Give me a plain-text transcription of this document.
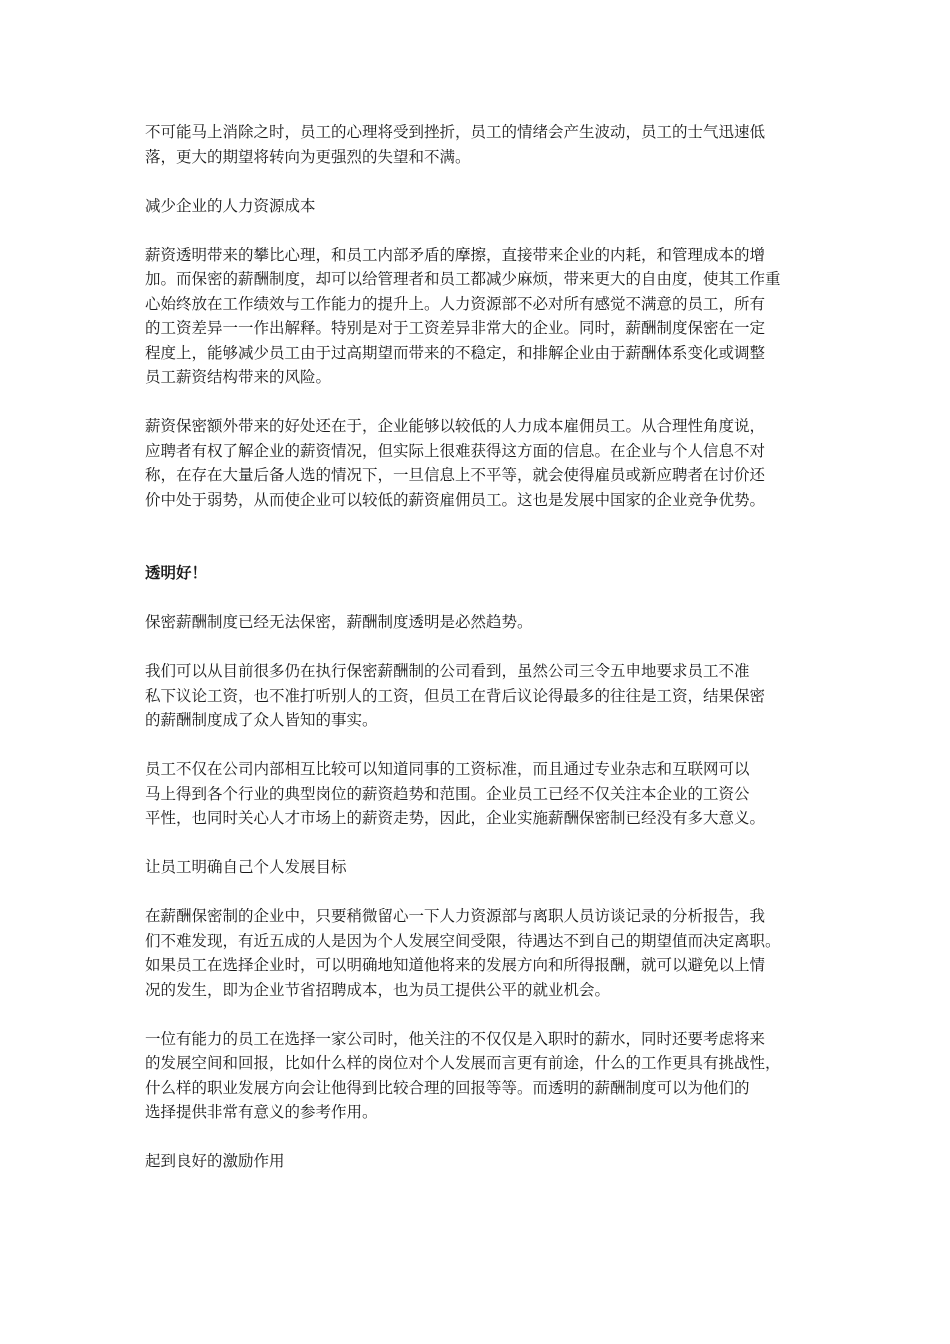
不可能马上消除之时，员工的心理将受到挫折，员工的情绪会产生波动，员工的士气迅速低
落，更大的期望将转向为更强烈的失望和不满。
减少企业的人力资源成本
薪资透明带来的攀比心理，和员工内部矛盾的摩擦，直接带来企业的内耗，和管理成本的增
加。而保密的薪酬制度，却可以给管理者和员工都减少麻烦，带来更大的自由度，使其工作重
心始终放在工作绩效与工作能力的提升上。人力资源部不必对所有感觉不满意的员工，所有
的工资差异一一作出解释。特别是对于工资差异非常大的企业。同时，薪酬制度保密在一定
程度上，能够减少员工由于过高期望而带来的不稳定，和排解企业由于薪酬体系变化或调整
员工薪资结构带来的风险。
薪资保密额外带来的好处还在于，企业能够以较低的人力成本雇佣员工。从合理性角度说，
应聘者有权了解企业的薪资情况，但实际上很难获得这方面的信息。在企业与个人信息不对
称，在存在大量后备人选的情况下，一旦信息上不平等，就会使得雇员或新应聘者在讨价还
价中处于弱势，从而使企业可以较低的薪资雇佣员工。这也是发展中国家的企业竞争优势。
透明好！
保密薪酬制度已经无法保密，薪酬制度透明是必然趋势。
我们可以从目前很多仍在执行保密薪酬制的公司看到，虽然公司三令五申地要求员工不准
私下议论工资，也不准打听别人的工资，但员工在背后议论得最多的往往是工资，结果保密
的薪酬制度成了众人皆知的事实。
员工不仅在公司内部相互比较可以知道同事的工资标准，而且通过专业杂志和互联网可以
马上得到各个行业的典型岗位的薪资趋势和范围。企业员工已经不仅关注本企业的工资公
平性，也同时关心人才市场上的薪资走势，因此，企业实施薪酬保密制已经没有多大意义。
让员工明确自己个人发展目标
在薪酬保密制的企业中，只要稍微留心一下人力资源部与离职人员访谈记录的分析报告，我
们不难发现，有近五成的人是因为个人发展空间受限，待遇达不到自己的期望值而决定离职。
如果员工在选择企业时，可以明确地知道他将来的发展方向和所得报酬，就可以避免以上情
况的发生，即为企业节省招聘成本，也为员工提供公平的就业机会。
一位有能力的员工在选择一家公司时，他关注的不仅仅是入职时的薪水，同时还要考虑将来
的发展空间和回报，比如什么样的岗位对个人发展而言更有前途，什么的工作更具有挑战性，
什么样的职业发展方向会让他得到比较合理的回报等等。而透明的薪酬制度可以为他们的
选择提供非常有意义的参考作用。
起到良好的激励作用
